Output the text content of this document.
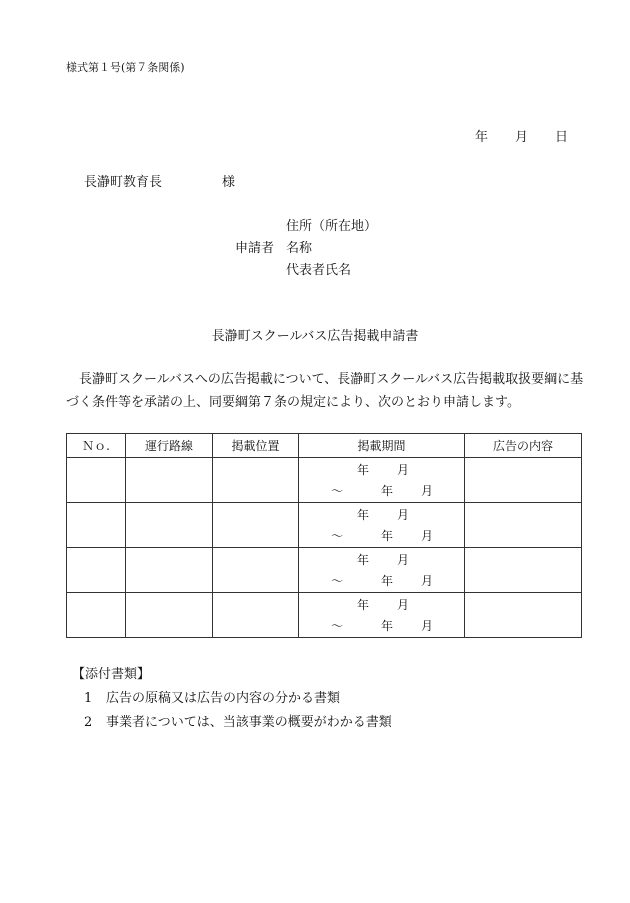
様式第１号(第７条関係)
年 月 日
長瀞町教育長	様
申請者
住所（所在地）
名称
代表者氏名
長瀞町スクールバス広告掲載申請書

長瀞町スクールバスへの広告掲載について、長瀞町スクールバス広告掲載取扱要綱に基づく条件等を承諾の上、同要綱第７条の規定により、次のとおり申請します。

Ｎｏ.	運行路線	掲載位置	掲載期間	広告の内容

			年 月
～ 年 月	

			年 月
～ 年 月	

			年 月
～ 年 月	

			年 月
～ 年 月	

【添付書類】
1 広告の原稿又は広告の内容の分かる書類
2 事業者については、当該事業の概要がわかる書類
